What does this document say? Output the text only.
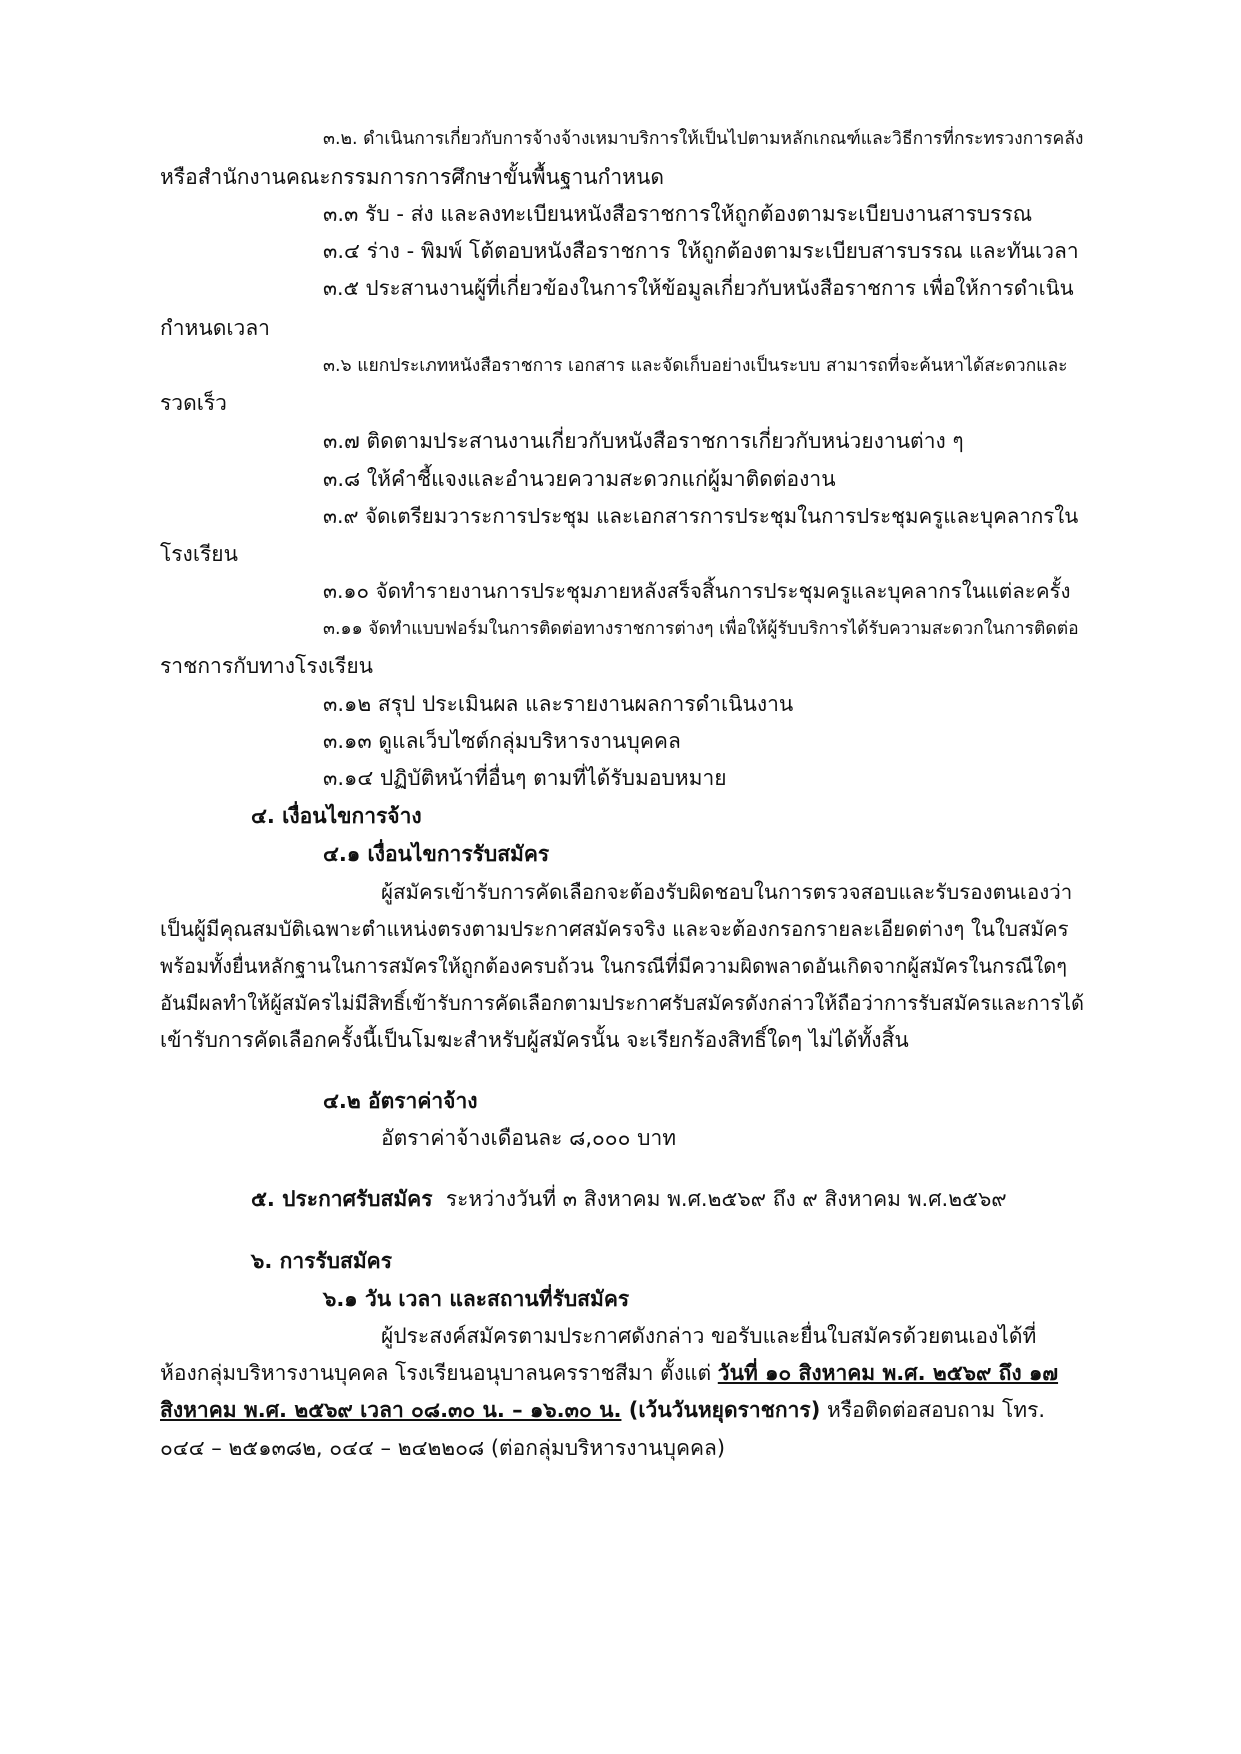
๓.๒. ดำเนินการเกี่ยวกับการจ้างจ้างเหมาบริการให้เป็นไปตามหลักเกณฑ์และวิธีการที่กระทรวงการคลัง
หรือสำนักงานคณะกรรมการการศึกษาขั้นพื้นฐานกำหนด
๓.๓ รับ - ส่ง และลงทะเบียนหนังสือราชการให้ถูกต้องตามระเบียบงานสารบรรณ
๓.๔ ร่าง - พิมพ์ โต้ตอบหนังสือราชการ ให้ถูกต้องตามระเบียบสารบรรณ และทันเวลา
๓.๕ ประสานงานผู้ที่เกี่ยวข้องในการให้ข้อมูลเกี่ยวกับหนังสือราชการ เพื่อให้การดำเนิน
กำหนดเวลา
๓.๖ แยกประเภทหนังสือราชการ เอกสาร และจัดเก็บอย่างเป็นระบบ สามารถที่จะค้นหาได้สะดวกและ
รวดเร็ว
๓.๗ ติดตามประสานงานเกี่ยวกับหนังสือราชการเกี่ยวกับหน่วยงานต่าง ๆ
๓.๘ ให้คำชี้แจงและอำนวยความสะดวกแก่ผู้มาติดต่องาน
๓.๙ จัดเตรียมวาระการประชุม และเอกสารการประชุมในการประชุมครูและบุคลากรใน
โรงเรียน
๓.๑๐ จัดทำรายงานการประชุมภายหลังสร็จสิ้นการประชุมครูและบุคลากรในแต่ละครั้ง
๓.๑๑ จัดทำแบบฟอร์มในการติดต่อทางราชการต่างๆ เพื่อให้ผู้รับบริการได้รับความสะดวกในการติดต่อ
ราชการกับทางโรงเรียน
๓.๑๒ สรุป ประเมินผล และรายงานผลการดำเนินงาน
๓.๑๓ ดูแลเว็บไซต์กลุ่มบริหารงานบุคคล
๓.๑๔ ปฏิบัติหน้าที่อื่นๆ ตามที่ได้รับมอบหมาย
๔. เงื่อนไขการจ้าง
๔.๑ เงื่อนไขการรับสมัคร
ผู้สมัครเข้ารับการคัดเลือกจะต้องรับผิดชอบในการตรวจสอบและรับรองตนเองว่า
เป็นผู้มีคุณสมบัติเฉพาะตำแหน่งตรงตามประกาศสมัครจริง และจะต้องกรอกรายละเอียดต่างๆ ในใบสมัคร
พร้อมทั้งยื่นหลักฐานในการสมัครให้ถูกต้องครบถ้วน ในกรณีที่มีความผิดพลาดอันเกิดจากผู้สมัครในกรณีใดๆ
อันมีผลทำให้ผู้สมัครไม่มีสิทธิ์เข้ารับการคัดเลือกตามประกาศรับสมัครดังกล่าวให้ถือว่าการรับสมัครและการได้
เข้ารับการคัดเลือกครั้งนี้เป็นโมฆะสำหรับผู้สมัครนั้น จะเรียกร้องสิทธิ์ใดๆ ไม่ได้ทั้งสิ้น
๔.๒ อัตราค่าจ้าง
อัตราค่าจ้างเดือนละ ๘,๐๐๐ บาท
๕. ประกาศรับสมัคร ระหว่างวันที่ ๓ สิงหาคม พ.ศ.๒๕๖๙ ถึง ๙ สิงหาคม พ.ศ.๒๕๖๙
๖. การรับสมัคร
๖.๑ วัน เวลา และสถานที่รับสมัคร
ผู้ประสงค์สมัครตามประกาศดังกล่าว ขอรับและยื่นใบสมัครด้วยตนเองได้ที่
ห้องกลุ่มบริหารงานบุคคล โรงเรียนอนุบาลนครราชสีมา ตั้งแต่ วันที่ ๑๐ สิงหาคม พ.ศ. ๒๕๖๙ ถึง ๑๗
สิงหาคม พ.ศ. ๒๕๖๙ เวลา ๐๘.๓๐ น. – ๑๖.๓๐ น. (เว้นวันหยุดราชการ) หรือติดต่อสอบถาม โทร.
๐๔๔ – ๒๕๑๓๘๒, ๐๔๔ – ๒๔๒๒๐๘ (ต่อกลุ่มบริหารงานบุคคล)
